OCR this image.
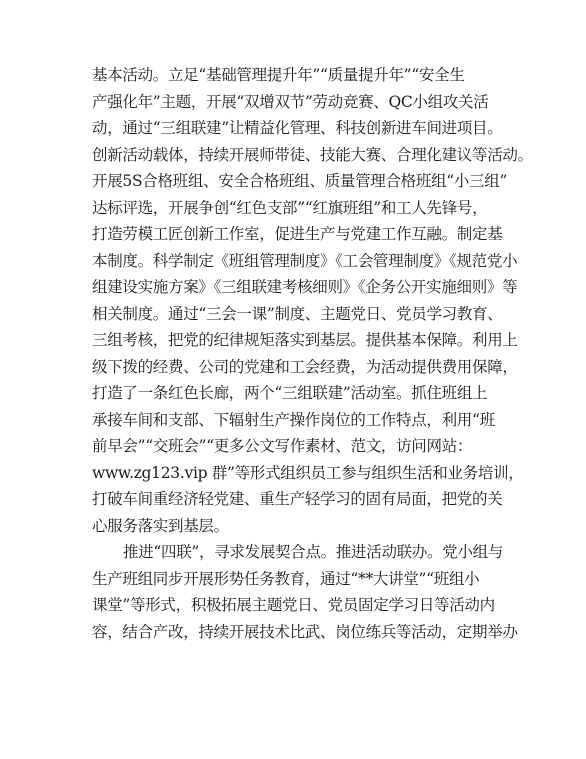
基本活动。立足“基础管理提升年”“质量提升年”“安全生
产强化年”主题，开展“双增双节”劳动竞赛、QC小组攻关活
动，通过“三组联建”让精益化管理、科技创新进车间进项目。
创新活动载体，持续开展师带徒、技能大赛、合理化建议等活动。
开展5S合格班组、安全合格班组、质量管理合格班组“小三组”
达标评选，开展争创“红色支部”“红旗班组”和工人先锋号，
打造劳模工匠创新工作室，促进生产与党建工作互融。制定基
本制度。科学制定《班组管理制度》《工会管理制度》《规范党小
组建设实施方案》《三组联建考核细则》《企务公开实施细则》等
相关制度。通过“三会一课”制度、主题党日、党员学习教育、
三组考核，把党的纪律规矩落实到基层。提供基本保障。利用上
级下拨的经费、公司的党建和工会经费，为活动提供费用保障，
打造了一条红色长廊，两个“三组联建”活动室。抓住班组上
承接车间和支部、下辐射生产操作岗位的工作特点，利用“班
前早会”“交班会”“更多公文写作素材、范文，访问网站：
www.zg123.vip 群”等形式组织员工参与组织生活和业务培训，
打破车间重经济轻党建、重生产轻学习的固有局面，把党的关
心服务落实到基层。

推进“四联”，寻求发展契合点。推进活动联办。党小组与
生产班组同步开展形势任务教育，通过“**大讲堂”“班组小
课堂”等形式，积极拓展主题党日、党员固定学习日等活动内
容，结合产改，持续开展技术比武、岗位练兵等活动，定期举办
